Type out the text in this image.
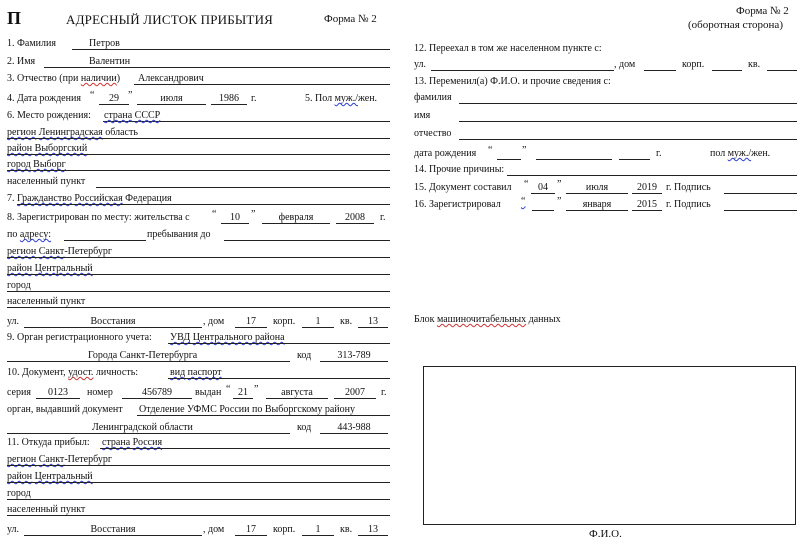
П	АДРЕСНЫЙ ЛИСТОК ПРИБЫТИЯ	Форма № 2
Форма № 2
(оборотная сторона)
1. Фамилия	Петров
2. Имя	Валентин
3. Отчество (при наличии) Александрович
4. Дата рождения “	29 ”	июля	1986	г.	5. Пол муж./жен.
6. Место рождения: страна СССР
регион Ленинградская область
район Выборгский
город Выборг
населенный пункт
7. Гражданство Российская Федерация
8. Зарегистрирован по месту: жительства с “	10	”	февраля	2008	г.
по адресу:	пребывания до
регион Санкт-Петербург
район Центральный
город
населенный пункт
ул.	Восстания	, дом	17	корп.	1	кв.	13
9. Орган регистрационного учета: УВД Центрального района
Города Санкт-Петербурга	код	313-789
10. Документ, удост. личность:	вид паспорт
серия	0123	номер	456789	выдан “ 21 ”	августа	2007	г.
орган, выдавший документ Отделение УФМС России по Выборгскому району
Ленинградской области	код	443-988
11. Откуда прибыл: страна Россия
регион Санкт-Петербург
район Центральный
город
населенный пункт
ул.	Восстания	, дом	17	корп.	1	кв.	13
12. Переехал в том же населенном пункте с:
ул.	, дом	корп.	кв.
13. Переменил(а) Ф.И.О. и прочие сведения с:
фамилия
имя
отчество
дата рождения “	”	г.	пол муж./жен.
14. Прочие причины:
15. Документ составил “ 04 ”	июля	2019 г. Подпись
16. Зарегистрировал “	”	января	2015 г. Подпись
Блок машиночитабельных данных
Ф.И.О.
